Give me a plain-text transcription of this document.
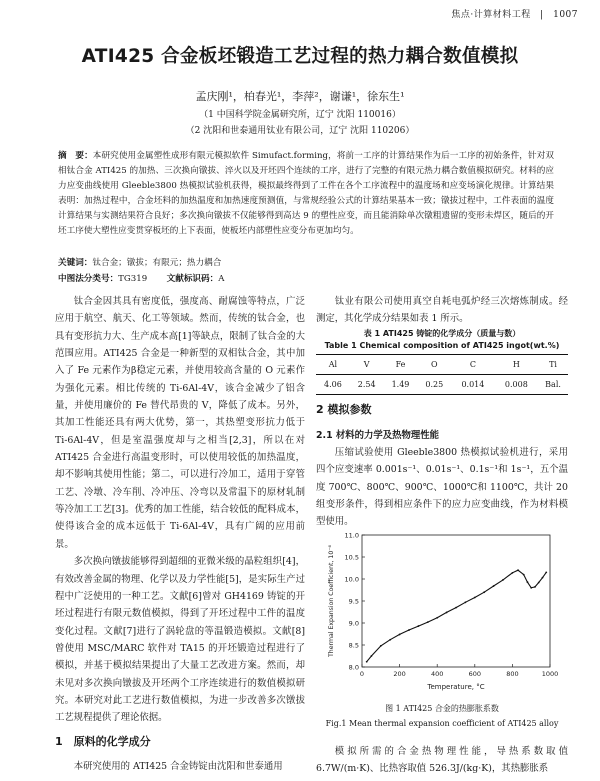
焦点·计算材料工程 | 1007
ATI425 合金板坯锻造工艺过程的热力耦合数值模拟
孟庆刚¹，柏春光¹，李萍²，谢谦¹，徐东生¹
（1 中国科学院金属研究所，辽宁 沈阳 110016）
（2 沈阳和世泰通用钛业有限公司，辽宁 沈阳 110206）
摘　要：本研究使用金属塑性成形有限元模拟软件 Simufact.forming，将前一工序的计算结果作为后一工序的初始条件，针对双相钛合金 ATI425 的加热、三次换向镦拔、淬火以及开坯四个连续的工序，进行了完整的有限元热力耦合数值模拟研究。材料的应力应变曲线使用 Gleeble3800 热模拟试验机获得，模拟最终得到了工件在各个工序流程中的温度场和应变场演化规律。计算结果表明：加热过程中，合金坯料的加热温度和加热速度预测值，与常规经验公式的计算结果基本一致；镦拔过程中，工件表面的温度计算结果与实测结果符合良好；多次换向镦拔不仅能够得到高达 9 的塑性应变，而且能消除单次镦粗遗留的变形未焊区，随后的开坯工序使大塑性应变贯穿板坯的上下表面，使板坯内部塑性应变分布更加均匀。
关键词：钛合金；镦拔；有限元；热力耦合
中图法分类号：TG319 文献标识码：A

钛合金因其具有密度低，强度高、耐腐蚀等特点，广泛应用于航空、航天、化工等领域。然而，传统的钛合金，也具有变形抗力大、生产成本高[1]等缺点，限制了钛合金的大范围应用。ATI425 合金是一种新型的双相钛合金，其中加入了 Fe 元素作为β稳定元素，并使用较高含量的 O 元素作为强化元素。相比传统的 Ti-6Al-4V，该合金减少了铝含量，并使用廉价的 Fe 替代昂贵的 V，降低了成本。另外，其加工性能还具有两大优势，第一，其热塑变形抗力低于　Ti-6Al-4V，但是室温强度却与之相当[2,3]，所以在对　ATI425 合金进行高温变形时，可以使用较低的加热温度，却不影响其使用性能；第二，可以进行冷加工，适用于穿管工艺、冷墩、冷车削、冷冲压、冷弯以及常温下的原材轧制等冷加工工艺[3]。优秀的加工性能，结合较低的配料成本，使得该合金的成本远低于 Ti-6Al-4V，具有广阔的应用前景。

多次换向镦拔能够得到超细的亚微米级的晶粒组织[4]，有效改善金属的物理、化学以及力学性能[5]，是实际生产过程中广泛使用的一种工艺。文献[6]曾对 GH4169 铸锭的开坯过程进行有限元数值模拟，得到了开坯过程中工件的温度变化过程。文献[7]进行了涡轮盘的等温锻造模拟。文献[8]曾使用 MSC/MARC 软件对 TA15 的开坯锻造过程进行了模拟，并基于模拟结果提出了大量工艺改进方案。然而，却未见对多次换向镦拔及开坯两个工序连续进行的数值模拟研究。本研究对此工艺进行数值模拟，为进一步改善多次镦拔工艺规程提供了理论依据。

1　原料的化学成分

本研究使用的 ATI425 合金铸锭由沈阳和世泰通用

钛业有限公司使用真空自耗电弧炉经三次熔炼制成。经测定，其化学成分结果如表 1 所示。

表 1 ATI425 铸锭的化学成分（质量与数）
Table 1 Chemical composition of ATI425 ingot(wt.%)
Al	V	Fe	O	C	H	Ti
4.06	2.54	1.49	0.25	0.014	0.008	Bal.
2 模拟参数
2.1 材料的力学及热物理性能

压缩试验使用 Gleeble3800 热模拟试验机进行，采用四个应变速率 0.001s⁻¹、0.01s⁻¹、0.1s⁻¹和 1s⁻¹，五个温度 700℃、800℃、900℃、1000℃和 1100℃，共计 20 组变形条件，得到相应条件下的应力应变曲线，作为材料模型使用。

0	200	400	600	800	1000
8.0
8.5
9.0
9.5
10.0
10.5
11.0
Temperature, °C
Thermal Expansion Coefficient, 10⁻⁶
图 1 ATI425 合金的热膨胀系数
Fig.1 Mean thermal expansion coefficient of ATI425 alloy

模拟所需的合金热物理性能，导热系数取值 6.7W/(m·K)、比热容取值 526.3J/(kg·K)，其热膨胀系
